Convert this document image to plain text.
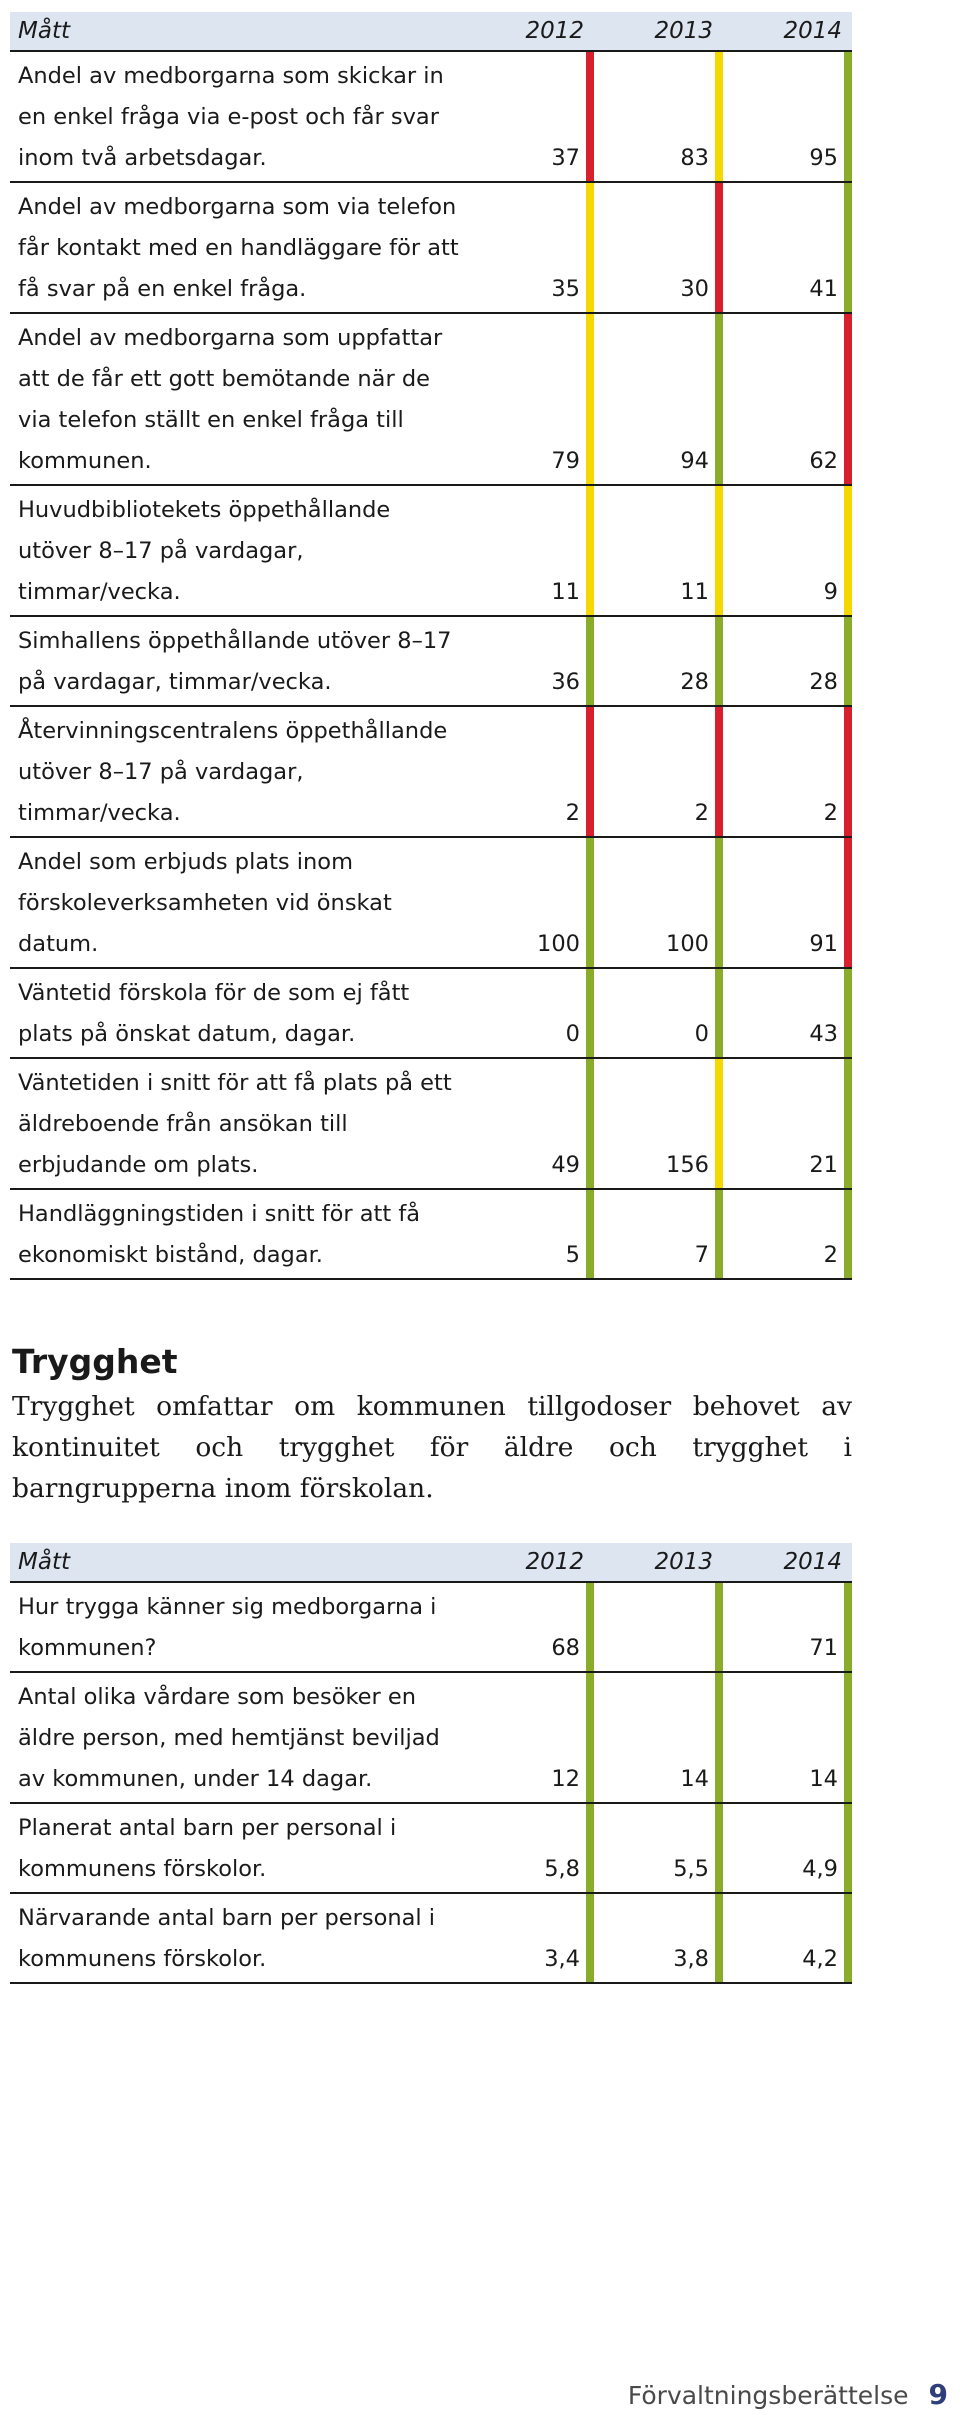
Mått	2012	2013	2014
Andel av medborgarna som skickar in en enkel fråga via e-post och får svar inom två arbetsdagar.	37	83	95
Andel av medborgarna som via telefon får kontakt med en handläggare för att få svar på en enkel fråga.	35	30	41
Andel av medborgarna som uppfattar att de får ett gott bemötande när de via telefon ställt en enkel fråga till kommunen.	79	94	62
Huvudbibliotekets öppethållande utöver 8–17 på vardagar, timmar/vecka.	11	11	9
Simhallens öppethållande utöver 8–17 på vardagar, timmar/vecka.	36	28	28
Återvinningscentralens öppethållande utöver 8–17 på vardagar, timmar/vecka.	2	2	2
Andel som erbjuds plats inom förskoleverksamheten vid önskat datum.	100	100	91
Väntetid förskola för de som ej fått plats på önskat datum, dagar.	0	0	43
Väntetiden i snitt för att få plats på ett äldreboende från ansökan till erbjudande om plats.	49	156	21
Handläggningstiden i snitt för att få ekonomiskt bistånd, dagar.	5	7	2
Trygghet

Trygghet omfattar om kommunen tillgodoser behovet av kontinuitet och trygghet för äldre och trygghet i barngrupperna inom förskolan.

Mått	2012	2013	2014
Hur trygga känner sig medborgarna i kommunen?	68		71
Antal olika vårdare som besöker en äldre person, med hemtjänst beviljad av kommunen, under 14 dagar.	12	14	14
Planerat antal barn per personal i kommunens förskolor.	5,8	5,5	4,9
Närvarande antal barn per personal i kommunens förskolor.	3,4	3,8	4,2
Förvaltningsberättelse 9
